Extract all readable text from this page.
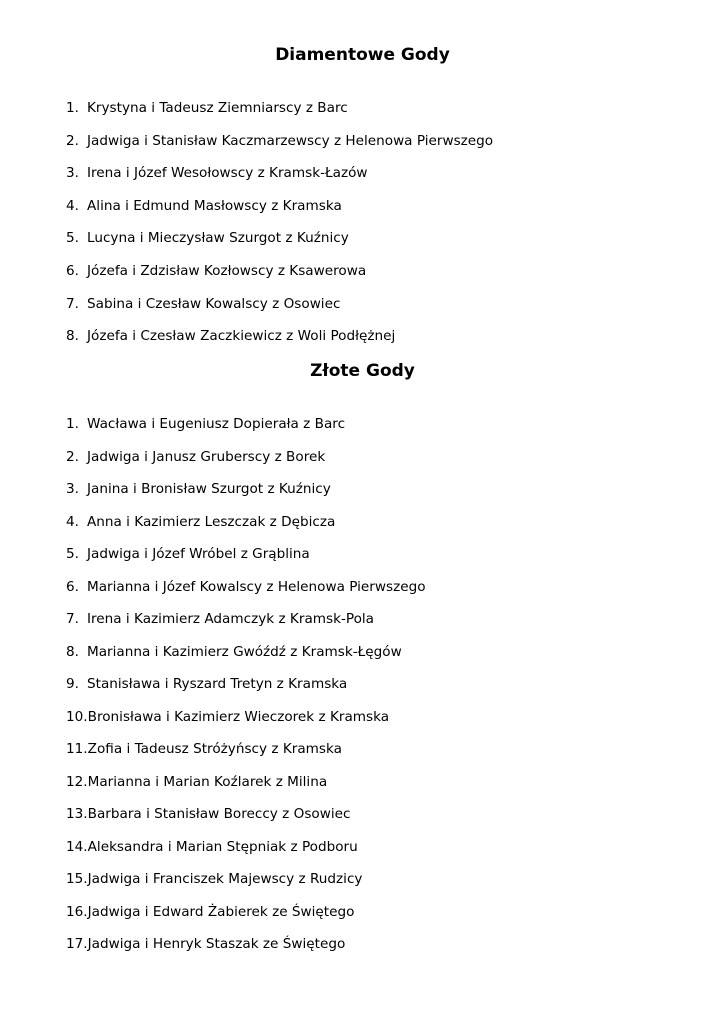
Diamentowe Gody
1. Krystyna i Tadeusz Ziemniarscy z Barc
2. Jadwiga i Stanisław Kaczmarzewscy z Helenowa Pierwszego
3. Irena i Józef Wesołowscy z Kramsk-Łazów
4. Alina i Edmund Masłowscy z Kramska
5. Lucyna i Mieczysław Szurgot z Kuźnicy
6. Józefa i Zdzisław Kozłowscy z Ksawerowa
7. Sabina i Czesław Kowalscy z Osowiec
8. Józefa i Czesław Zaczkiewicz z Woli Podłężnej
Złote Gody
1. Wacława i Eugeniusz Dopierała z Barc
2. Jadwiga i Janusz Gruberscy z Borek
3. Janina i Bronisław Szurgot z Kuźnicy
4. Anna i Kazimierz Leszczak z Dębicza
5. Jadwiga i Józef Wróbel z Grąblina
6. Marianna i Józef Kowalscy z Helenowa Pierwszego
7. Irena i Kazimierz Adamczyk z Kramsk-Pola
8. Marianna i Kazimierz Gwóźdź z Kramsk-Łęgów
9. Stanisława i Ryszard Tretyn z Kramska
10.Bronisława i Kazimierz Wieczorek z Kramska
11.Zofia i Tadeusz Stróżyńscy z Kramska
12.Marianna i Marian Koźlarek z Milina
13.Barbara i Stanisław Boreccy z Osowiec
14.Aleksandra i Marian Stępniak z Podboru
15.Jadwiga i Franciszek Majewscy z Rudzicy
16.Jadwiga i Edward Żabierek ze Świętego
17.Jadwiga i Henryk Staszak ze Świętego
